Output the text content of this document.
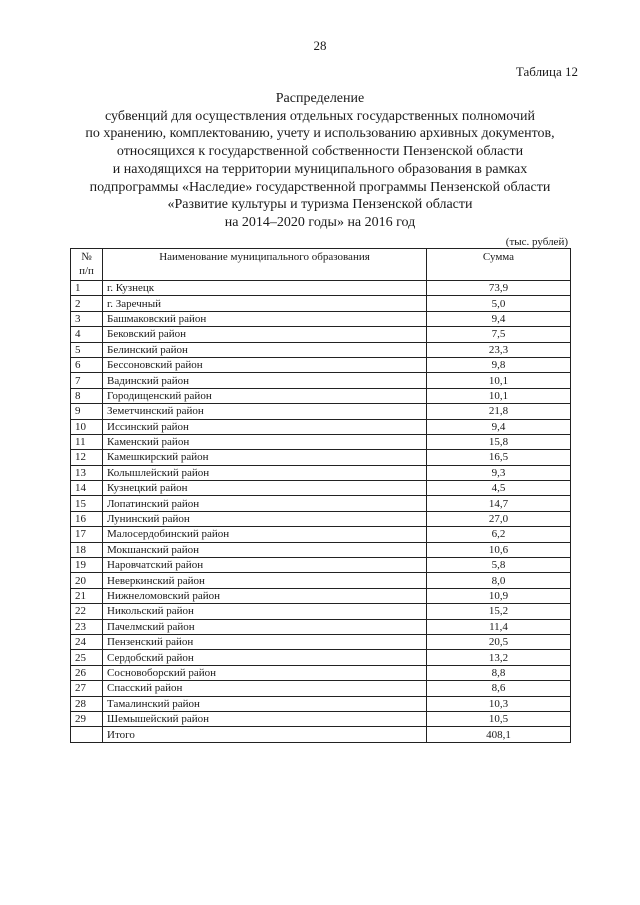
28
Таблица 12
Распределение
субвенций для осуществления отдельных государственных полномочий
по хранению, комплектованию, учету и использованию архивных документов,
относящихся к государственной собственности Пензенской области
и находящихся на территории муниципального образования в рамках
подпрограммы «Наследие» государственной программы Пензенской области
«Развитие культуры и туризма Пензенской области
на 2014–2020 годы» на 2016 год
(тыс. рублей)
№
п/п	Наименование муниципального образования	Сумма
1	г. Кузнецк	73,9
2	г. Заречный	5,0
3	Башмаковский район	9,4
4	Бековский район	7,5
5	Белинский район	23,3
6	Бессоновский район	9,8
7	Вадинский район	10,1
8	Городищенский район	10,1
9	Земетчинский район	21,8
10	Иссинский район	9,4
11	Каменский район	15,8
12	Камешкирский район	16,5
13	Колышлейский район	9,3
14	Кузнецкий район	4,5
15	Лопатинский район	14,7
16	Лунинский район	27,0
17	Малосердобинский район	6,2
18	Мокшанский район	10,6
19	Наровчатский район	5,8
20	Неверкинский район	8,0
21	Нижнеломовский район	10,9
22	Никольский район	15,2
23	Пачелмский район	11,4
24	Пензенский район	20,5
25	Сердобский район	13,2
26	Сосновоборский район	8,8
27	Спасский район	8,6
28	Тамалинский район	10,3
29	Шемышейский район	10,5
	Итого	408,1
